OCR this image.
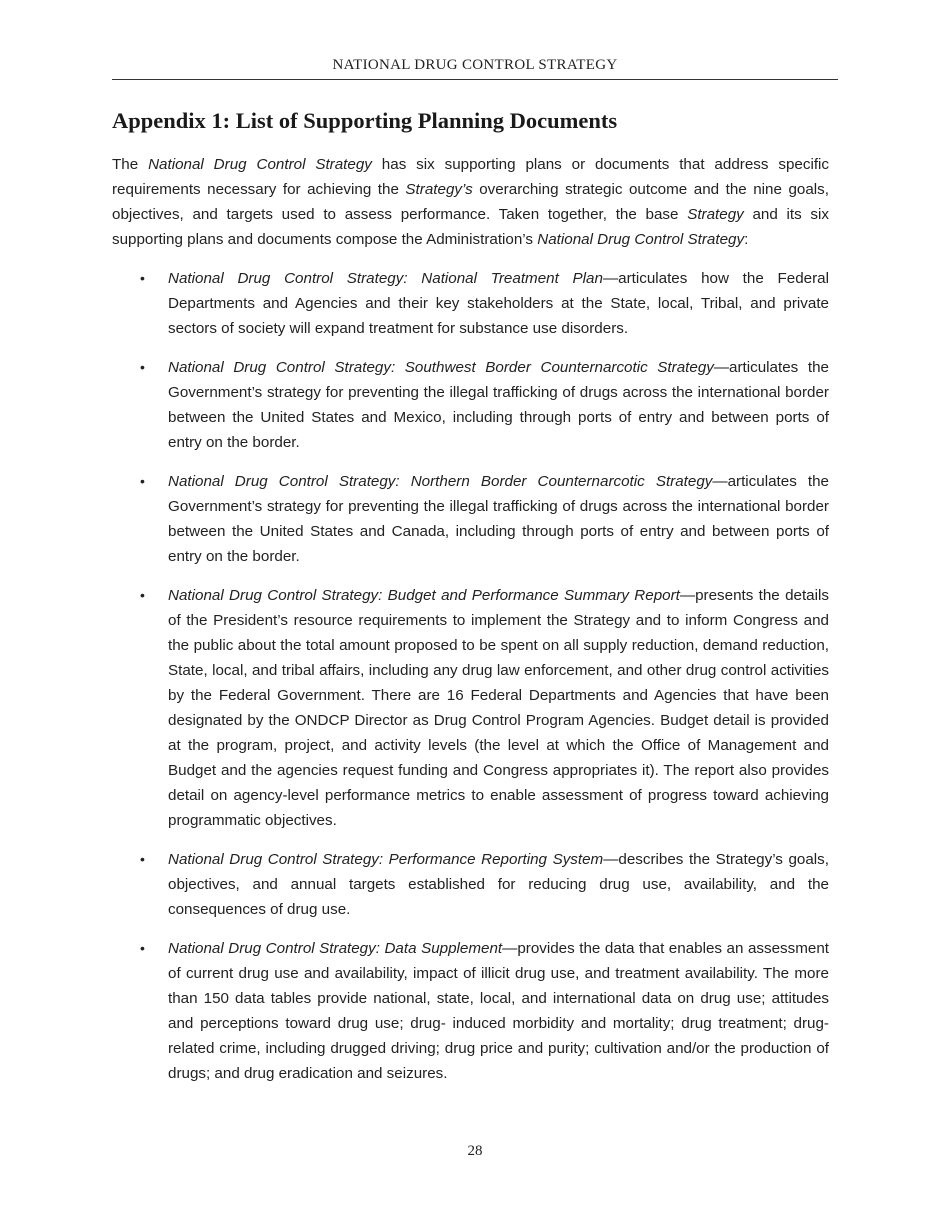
NATIONAL DRUG CONTROL STRATEGY
Appendix 1: List of Supporting Planning Documents

The National Drug Control Strategy has six supporting plans or documents that address specific requirements necessary for achieving the Strategy’s overarching strategic outcome and the nine goals, objectives, and targets used to assess performance. Taken together, the base Strategy and its six supporting plans and documents compose the Administration’s National Drug Control Strategy:

• National Drug Control Strategy: National Treatment Plan—articulates how the Federal Departments and Agencies and their key stakeholders at the State, local, Tribal, and private sectors of society will expand treatment for substance use disorders.
• National Drug Control Strategy: Southwest Border Counternarcotic Strategy—articulates the Government’s strategy for preventing the illegal trafficking of drugs across the international border between the United States and Mexico, including through ports of entry and between ports of entry on the border.
• National Drug Control Strategy: Northern Border Counternarcotic Strategy—articulates the Government’s strategy for preventing the illegal trafficking of drugs across the international border between the United States and Canada, including through ports of entry and between ports of entry on the border.
• National Drug Control Strategy: Budget and Performance Summary Report—presents the details of the President’s resource requirements to implement the Strategy and to inform Congress and the public about the total amount proposed to be spent on all supply reduction, demand reduction, State, local, and tribal affairs, including any drug law enforcement, and other drug control activities by the Federal Government. There are 16 Federal Departments and Agencies that have been designated by the ONDCP Director as Drug Control Program Agencies. Budget detail is provided at the program, project, and activity levels (the level at which the Office of Management and Budget and the agencies request funding and Congress appropriates it). The report also provides detail on agency-level performance metrics to enable assessment of progress toward achieving programmatic objectives.
• National Drug Control Strategy: Performance Reporting System—describes the Strategy’s goals, objectives, and annual targets established for reducing drug use, availability, and the consequences of drug use.
• National Drug Control Strategy: Data Supplement—provides the data that enables an assessment of current drug use and availability, impact of illicit drug use, and treatment availability. The more than 150 data tables provide national, state, local, and international data on drug use; attitudes and perceptions toward drug use; drug- induced morbidity and mortality; drug treatment; drug-related crime, including drugged driving; drug price and purity; cultivation and/or the production of drugs; and drug eradication and seizures.
28
